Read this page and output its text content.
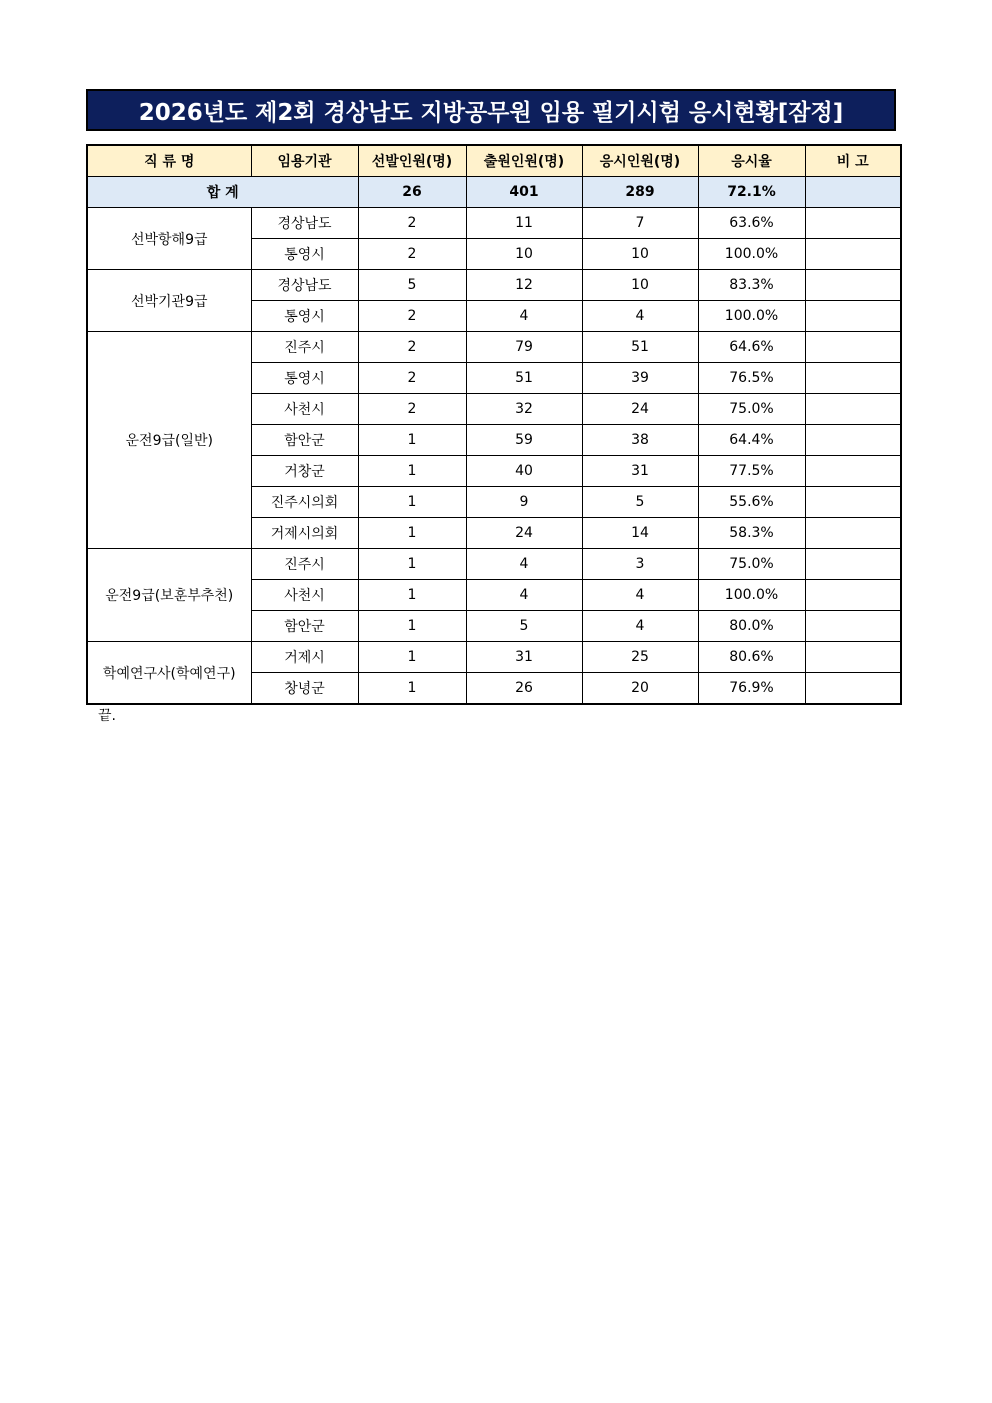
2026년도 제2회 경상남도 지방공무원 임용 필기시험 응시현황[잠정]
직 류 명	임용기관	선발인원(명)	출원인원(명)	응시인원(명)	응시율	비 고
합 계		26	401	289	72.1%	
선박항해9급	경상남도	2	11	7	63.6%	
	통영시	2	10	10	100.0%	
선박기관9급	경상남도	5	12	10	83.3%	
	통영시	2	4	4	100.0%	
운전9급(일반)	진주시	2	79	51	64.6%	
	통영시	2	51	39	76.5%	
	사천시	2	32	24	75.0%	
	함안군	1	59	38	64.4%	
	거창군	1	40	31	77.5%	
	진주시의회	1	9	5	55.6%	
	거제시의회	1	24	14	58.3%	
운전9급(보훈부추천)	진주시	1	4	3	75.0%	
	사천시	1	4	4	100.0%	
	함안군	1	5	4	80.0%	
학예연구사(학예연구)	거제시	1	31	25	80.6%	
	창녕군	1	26	20	76.9%	
끝.
